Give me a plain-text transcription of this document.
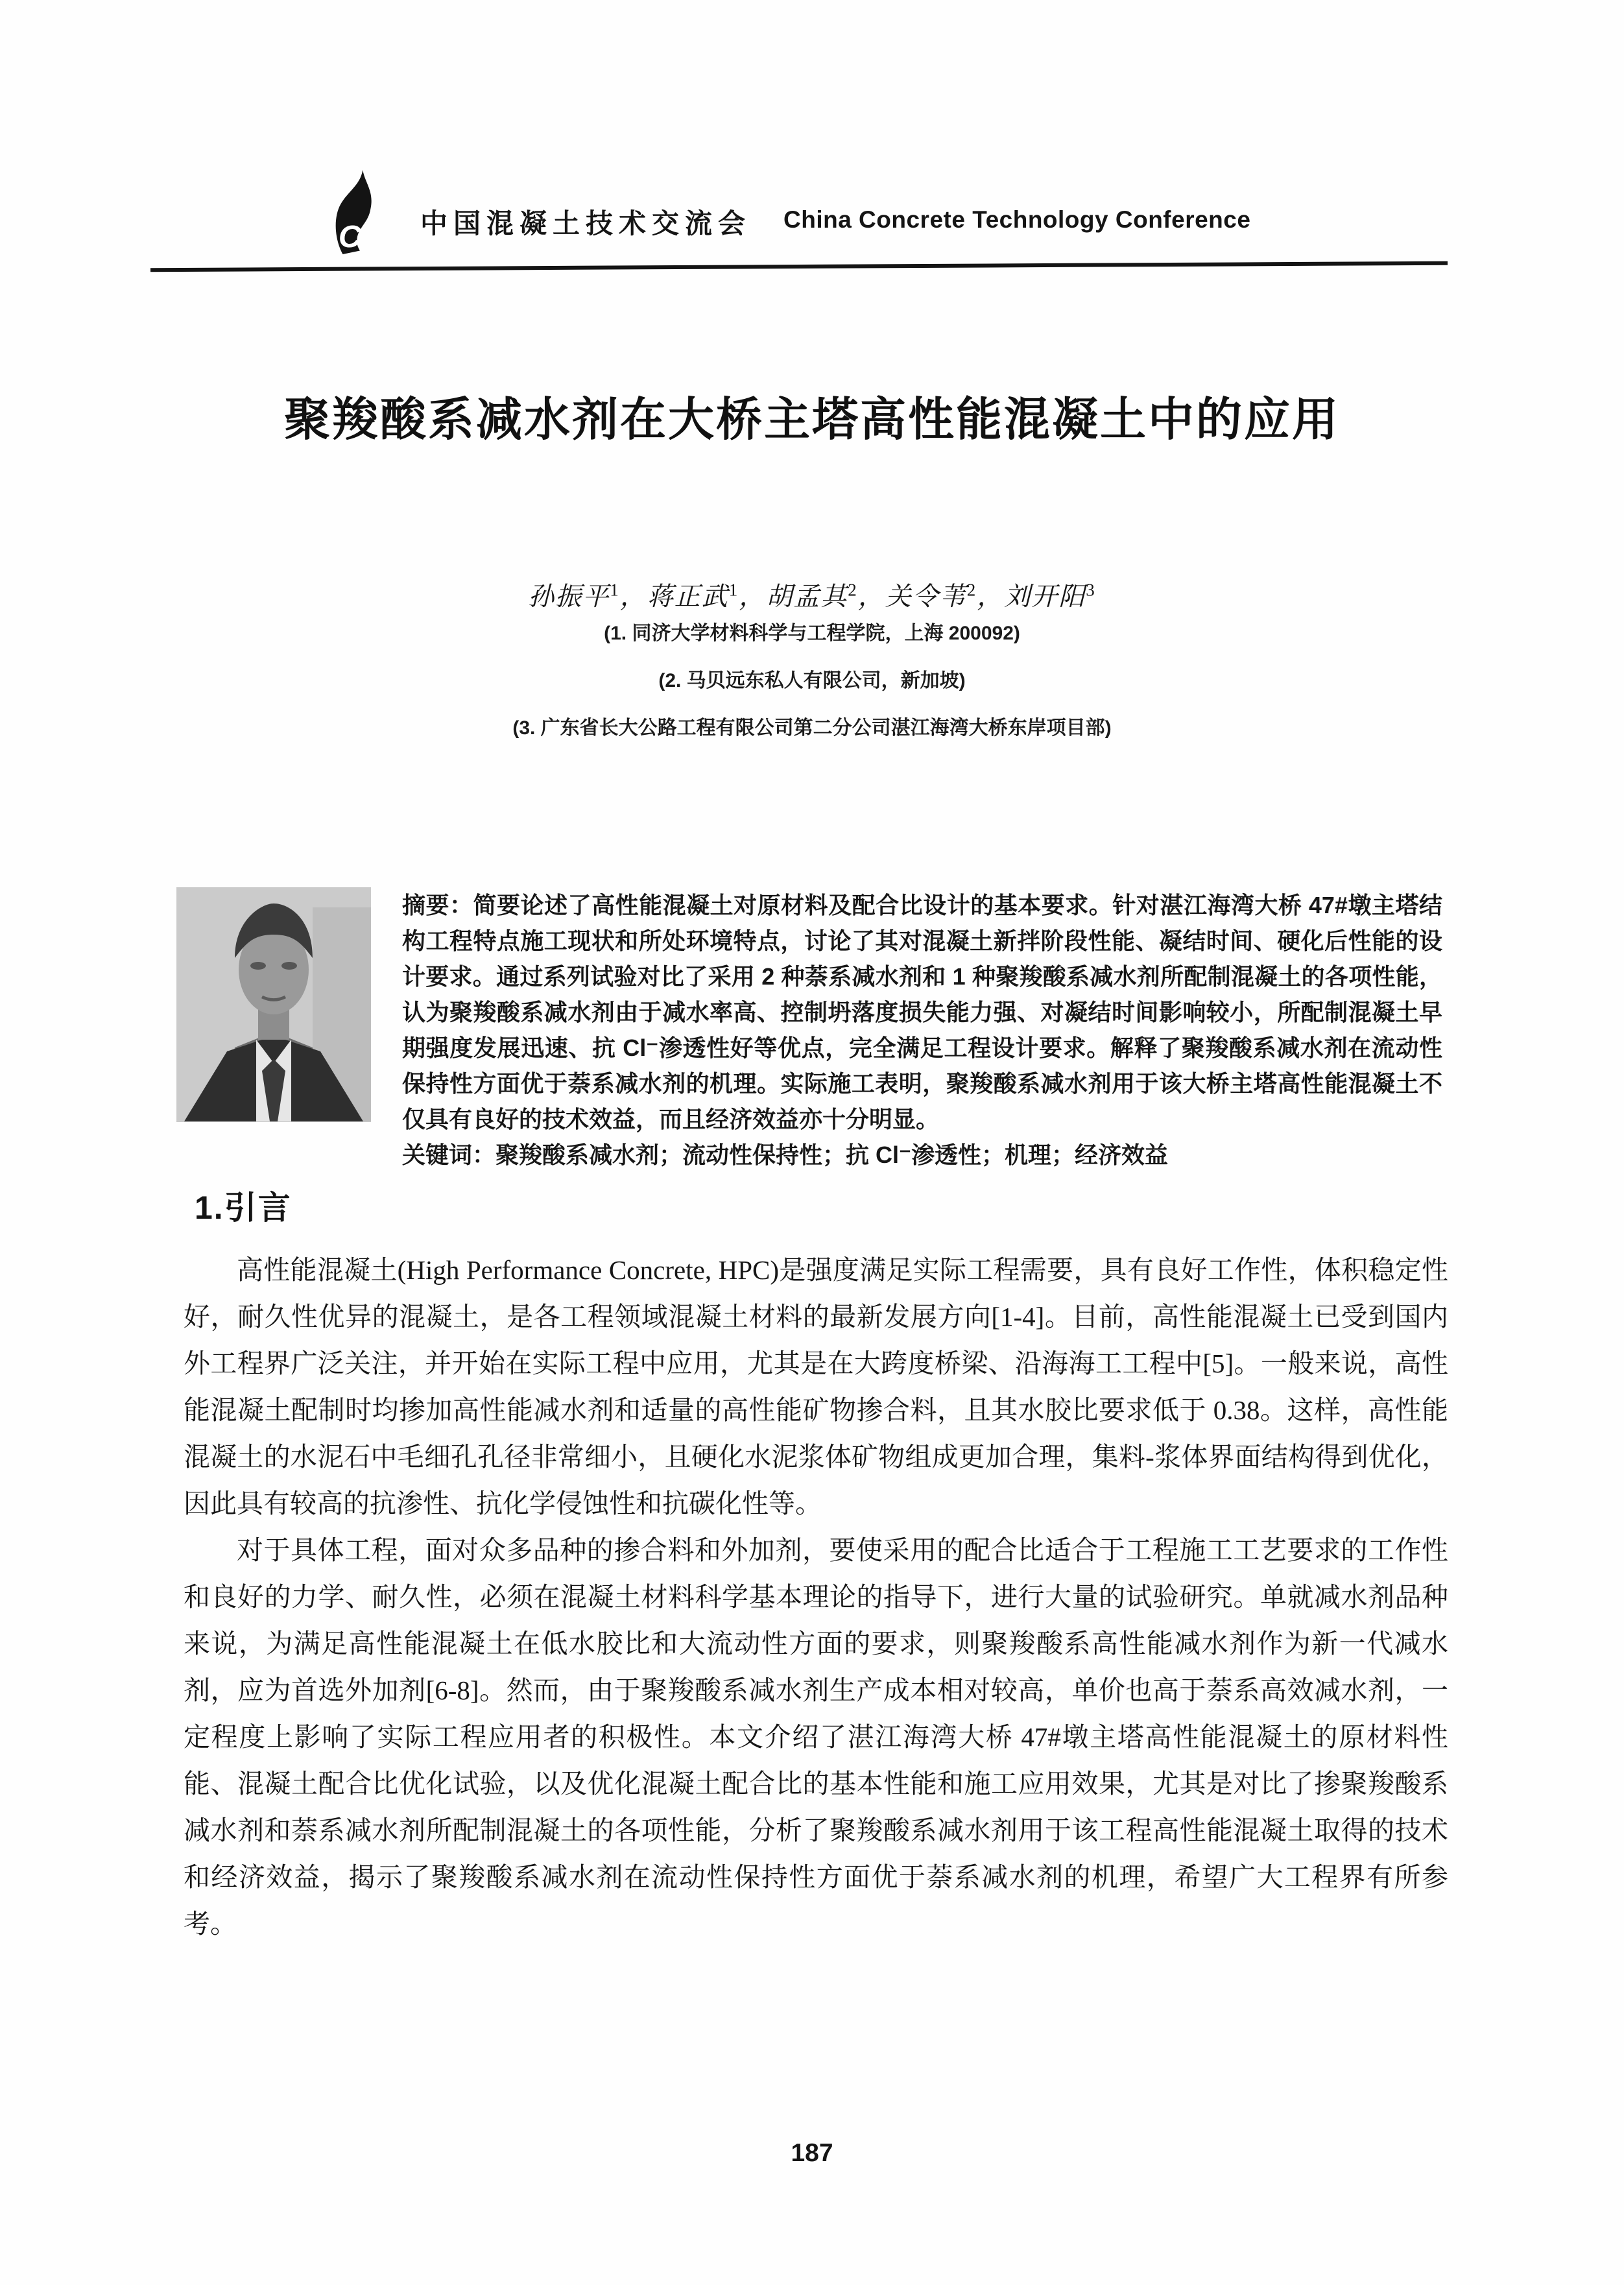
C 中国混凝土技术交流会 China Concrete Technology Conference
聚羧酸系减水剂在大桥主塔高性能混凝土中的应用
孙振平$^1$，蒋正武$^1$，胡孟其$^2$，关令苇$^2$，刘开阳$^3$
(1. 同济大学材料科学与工程学院，上海 200092)
(2. 马贝远东私人有限公司，新加坡)
(3. 广东省长大公路工程有限公司第二分公司湛江海湾大桥东岸项目部)

摘要：简要论述了高性能混凝土对原材料及配合比设计的基本要求。针对湛江海湾大桥 47#墩主塔结构工程特点施工现状和所处环境特点，讨论了其对混凝土新拌阶段性能、凝结时间、硬化后性能的设计要求。通过系列试验对比了采用 2 种萘系减水剂和 1 种聚羧酸系减水剂所配制混凝土的各项性能，认为聚羧酸系减水剂由于减水率高、控制坍落度损失能力强、对凝结时间影响较小，所配制混凝土早期强度发展迅速、抗 Cl⁻渗透性好等优点，完全满足工程设计要求。解释了聚羧酸系减水剂在流动性保持性方面优于萘系减水剂的机理。实际施工表明，聚羧酸系减水剂用于该大桥主塔高性能混凝土不仅具有良好的技术效益，而且经济效益亦十分明显。

关键词：聚羧酸系减水剂；流动性保持性；抗 Cl⁻渗透性；机理；经济效益

1.引言

高性能混凝土(High Performance Concrete, HPC)是强度满足实际工程需要，具有良好工作性，体积稳定性好，耐久性优异的混凝土，是各工程领域混凝土材料的最新发展方向[1-4]。目前，高性能混凝土已受到国内外工程界广泛关注，并开始在实际工程中应用，尤其是在大跨度桥梁、沿海海工工程中[5]。一般来说，高性能混凝土配制时均掺加高性能减水剂和适量的高性能矿物掺合料，且其水胶比要求低于 0.38。这样，高性能混凝土的水泥石中毛细孔孔径非常细小，且硬化水泥浆体矿物组成更加合理，集料-浆体界面结构得到优化，因此具有较高的抗渗性、抗化学侵蚀性和抗碳化性等。

对于具体工程，面对众多品种的掺合料和外加剂，要使采用的配合比适合于工程施工工艺要求的工作性和良好的力学、耐久性，必须在混凝土材料科学基本理论的指导下，进行大量的试验研究。单就减水剂品种来说，为满足高性能混凝土在低水胶比和大流动性方面的要求，则聚羧酸系高性能减水剂作为新一代减水剂，应为首选外加剂[6-8]。然而，由于聚羧酸系减水剂生产成本相对较高，单价也高于萘系高效减水剂，一定程度上影响了实际工程应用者的积极性。本文介绍了湛江海湾大桥 47#墩主塔高性能混凝土的原材料性能、混凝土配合比优化试验，以及优化混凝土配合比的基本性能和施工应用效果，尤其是对比了掺聚羧酸系减水剂和萘系减水剂所配制混凝土的各项性能，分析了聚羧酸系减水剂用于该工程高性能混凝土取得的技术和经济效益，揭示了聚羧酸系减水剂在流动性保持性方面优于萘系减水剂的机理，希望广大工程界有所参考。

187
